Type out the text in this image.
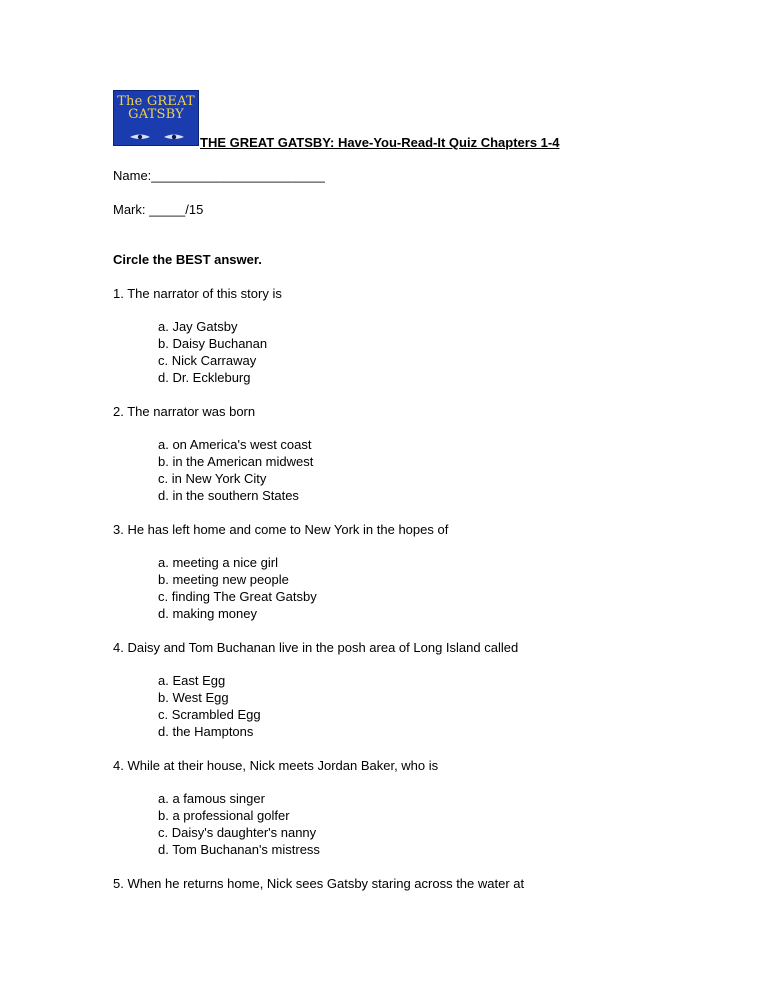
The GREAT
GATSBY
THE GREAT GATSBY: Have-You-Read-It Quiz Chapters 1-4
Name:________________________
Mark: _____/15
Circle the BEST answer.
1. The narrator of this story is
a. Jay Gatsby
b. Daisy Buchanan
c. Nick Carraway
d. Dr. Eckleburg
2. The narrator was born
a. on America's west coast
b. in the American midwest
c. in New York City
d. in the southern States
3. He has left home and come to New York in the hopes of
a. meeting a nice girl
b. meeting new people
c. finding The Great Gatsby
d. making money
4. Daisy and Tom Buchanan live in the posh area of Long Island called
a. East Egg
b. West Egg
c. Scrambled Egg
d. the Hamptons
4. While at their house, Nick meets Jordan Baker, who is
a. a famous singer
b. a professional golfer
c. Daisy's daughter's nanny
d. Tom Buchanan's mistress
5. When he returns home, Nick sees Gatsby staring across the water at
